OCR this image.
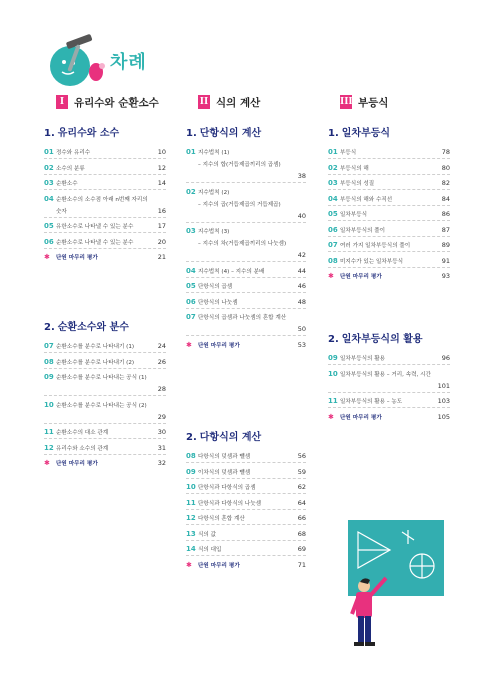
차례
I 유리수와 순환소수
1. 유리수와 소수
01 정수와 유리수	10
02 소수의 분류	12
03 순환소수	14
04 순환소수의 소수점 아래 n번째 자리의
숫자	16
05 유한소수로 나타낼 수 있는 분수	17
06 순환소수로 나타낼 수 있는 분수	20
✱ 단원 마무리 평가	21
2. 순환소수와 분수
07 순환소수를 분수로 나타내기 (1)	24
08 순환소수를 분수로 나타내기 (2)	26
09 순환소수를 분수로 나타내는 공식 (1)
28
10 순환소수를 분수로 나타내는 공식 (2)
29
11 순환소수의 대소 관계	30
12 유리수와 소수의 관계	31
✱ 단원 마무리 평가	32
II 식의 계산
1. 단항식의 계산
01 지수법칙 (1)
– 지수의 합(거듭제곱끼리의 곱셈)
38
02 지수법칙 (2)
– 지수의 곱(거듭제곱의 거듭제곱)
40
03 지수법칙 (3)
– 지수의 차(거듭제곱끼리의 나눗셈)
42
04 지수법칙 (4) – 지수의 분배	44
05 단항식의 곱셈	46
06 단항식의 나눗셈	48
07 단항식의 곱셈과 나눗셈의 혼합 계산
50
✱ 단원 마무리 평가	53
2. 다항식의 계산
08 다항식의 덧셈과 뺄셈	56
09 이차식의 덧셈과 뺄셈	59
10 단항식과 다항식의 곱셈	62
11 단항식과 다항식의 나눗셈	64
12 다항식의 혼합 계산	66
13 식의 값	68
14 식의 대입	69
✱ 단원 마무리 평가	71
III 부등식
1. 일차부등식
01 부등식	78
02 부등식의 해	80
03 부등식의 성질	82
04 부등식의 해와 수직선	84
05 일차부등식	86
06 일차부등식의 풀이	87
07 여러 가지 일차부등식의 풀이	89
08 미지수가 있는 일차부등식	91
✱ 단원 마무리 평가	93
2. 일차부등식의 활용
09 일차부등식의 활용	96
10 일차부등식의 활용 – 거리, 속력, 시간
101
11 일차부등식의 활용 – 농도	103
✱ 단원 마무리 평가	105
